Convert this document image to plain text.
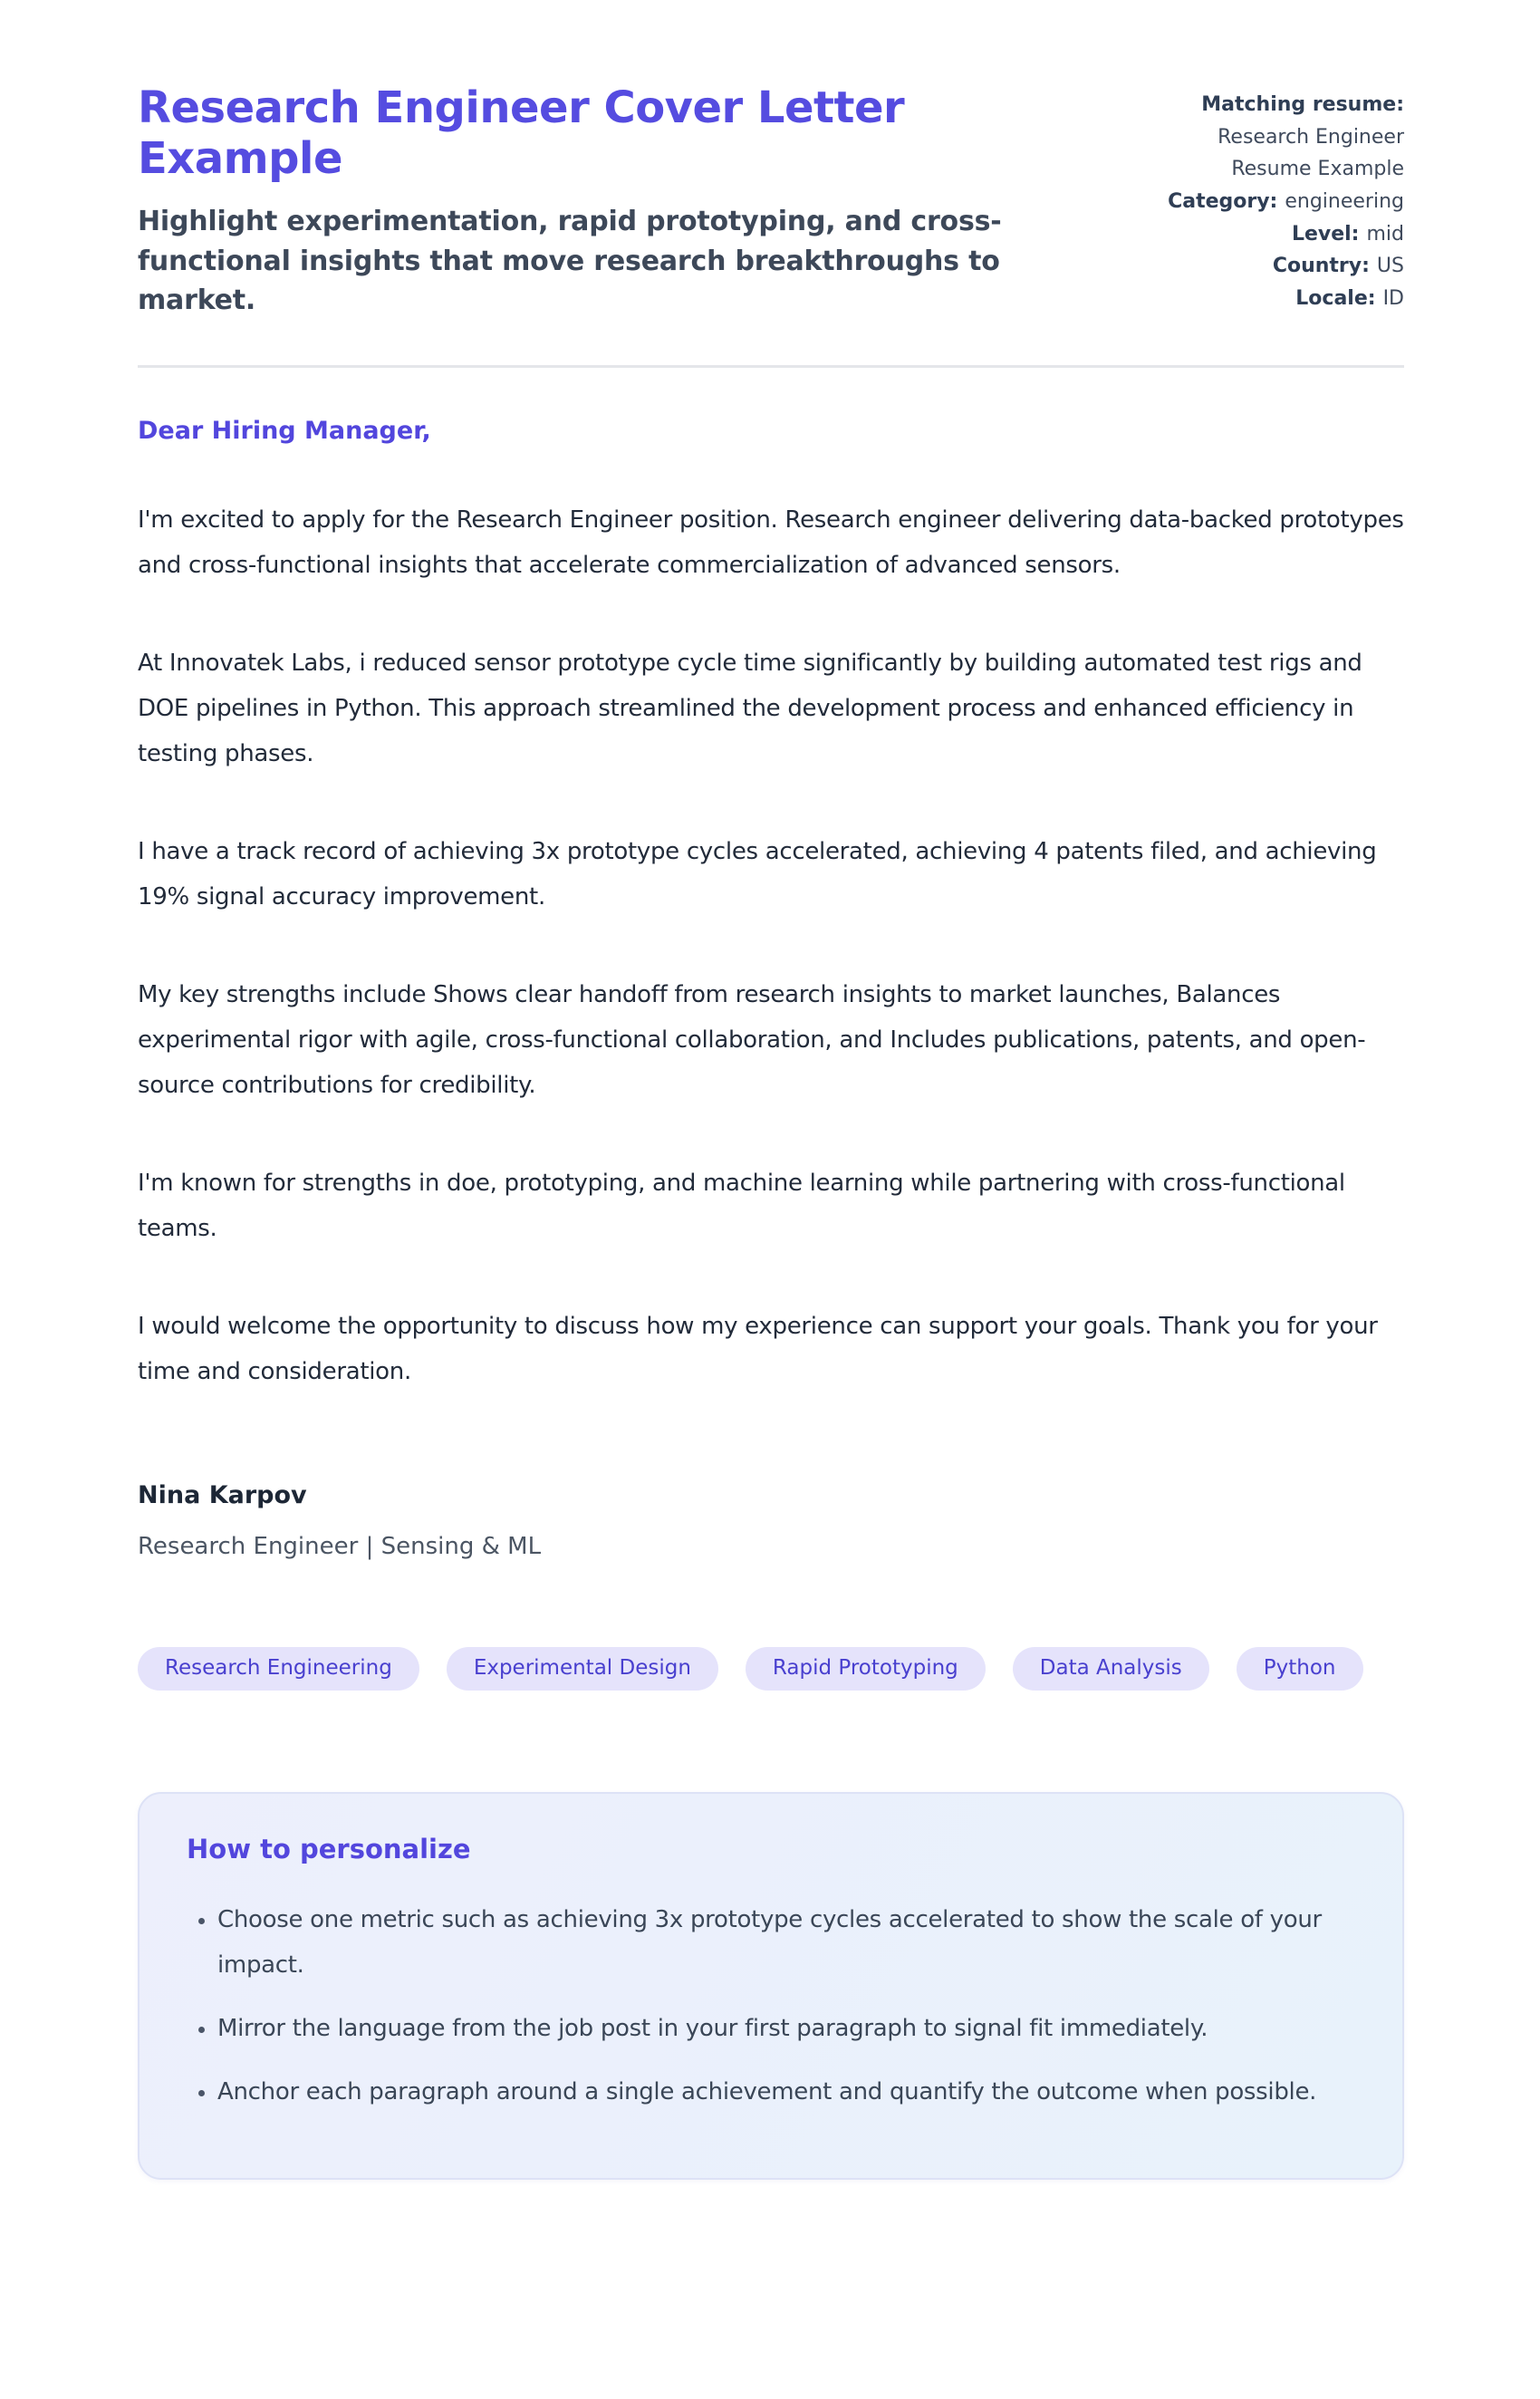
Research Engineer Cover Letter Example

Highlight experimentation, rapid prototyping, and cross-functional insights that move research breakthroughs to market.

Matching resume:
Research Engineer Resume Example
Category: engineering
Level: mid
Country: US
Locale: ID

Dear Hiring Manager,

I'm excited to apply for the Research Engineer position. Research engineer delivering data-backed prototypes and cross-functional insights that accelerate commercialization of advanced sensors.

At Innovatek Labs, i reduced sensor prototype cycle time significantly by building automated test rigs and DOE pipelines in Python. This approach streamlined the development process and enhanced efficiency in testing phases.

I have a track record of achieving 3x prototype cycles accelerated, achieving 4 patents filed, and achieving 19% signal accuracy improvement.

My key strengths include Shows clear handoff from research insights to market launches, Balances experimental rigor with agile, cross-functional collaboration, and Includes publications, patents, and open-source contributions for credibility.

I'm known for strengths in doe, prototyping, and machine learning while partnering with cross-functional teams.

I would welcome the opportunity to discuss how my experience can support your goals. Thank you for your time and consideration.

Nina Karpov

Research Engineer | Sensing & ML

Research Engineering	Experimental Design	Rapid Prototyping	Data Analysis	Python
How to personalize
• Choose one metric such as achieving 3x prototype cycles accelerated to show the scale of your impact.
• Mirror the language from the job post in your first paragraph to signal fit immediately.
• Anchor each paragraph around a single achievement and quantify the outcome when possible.
